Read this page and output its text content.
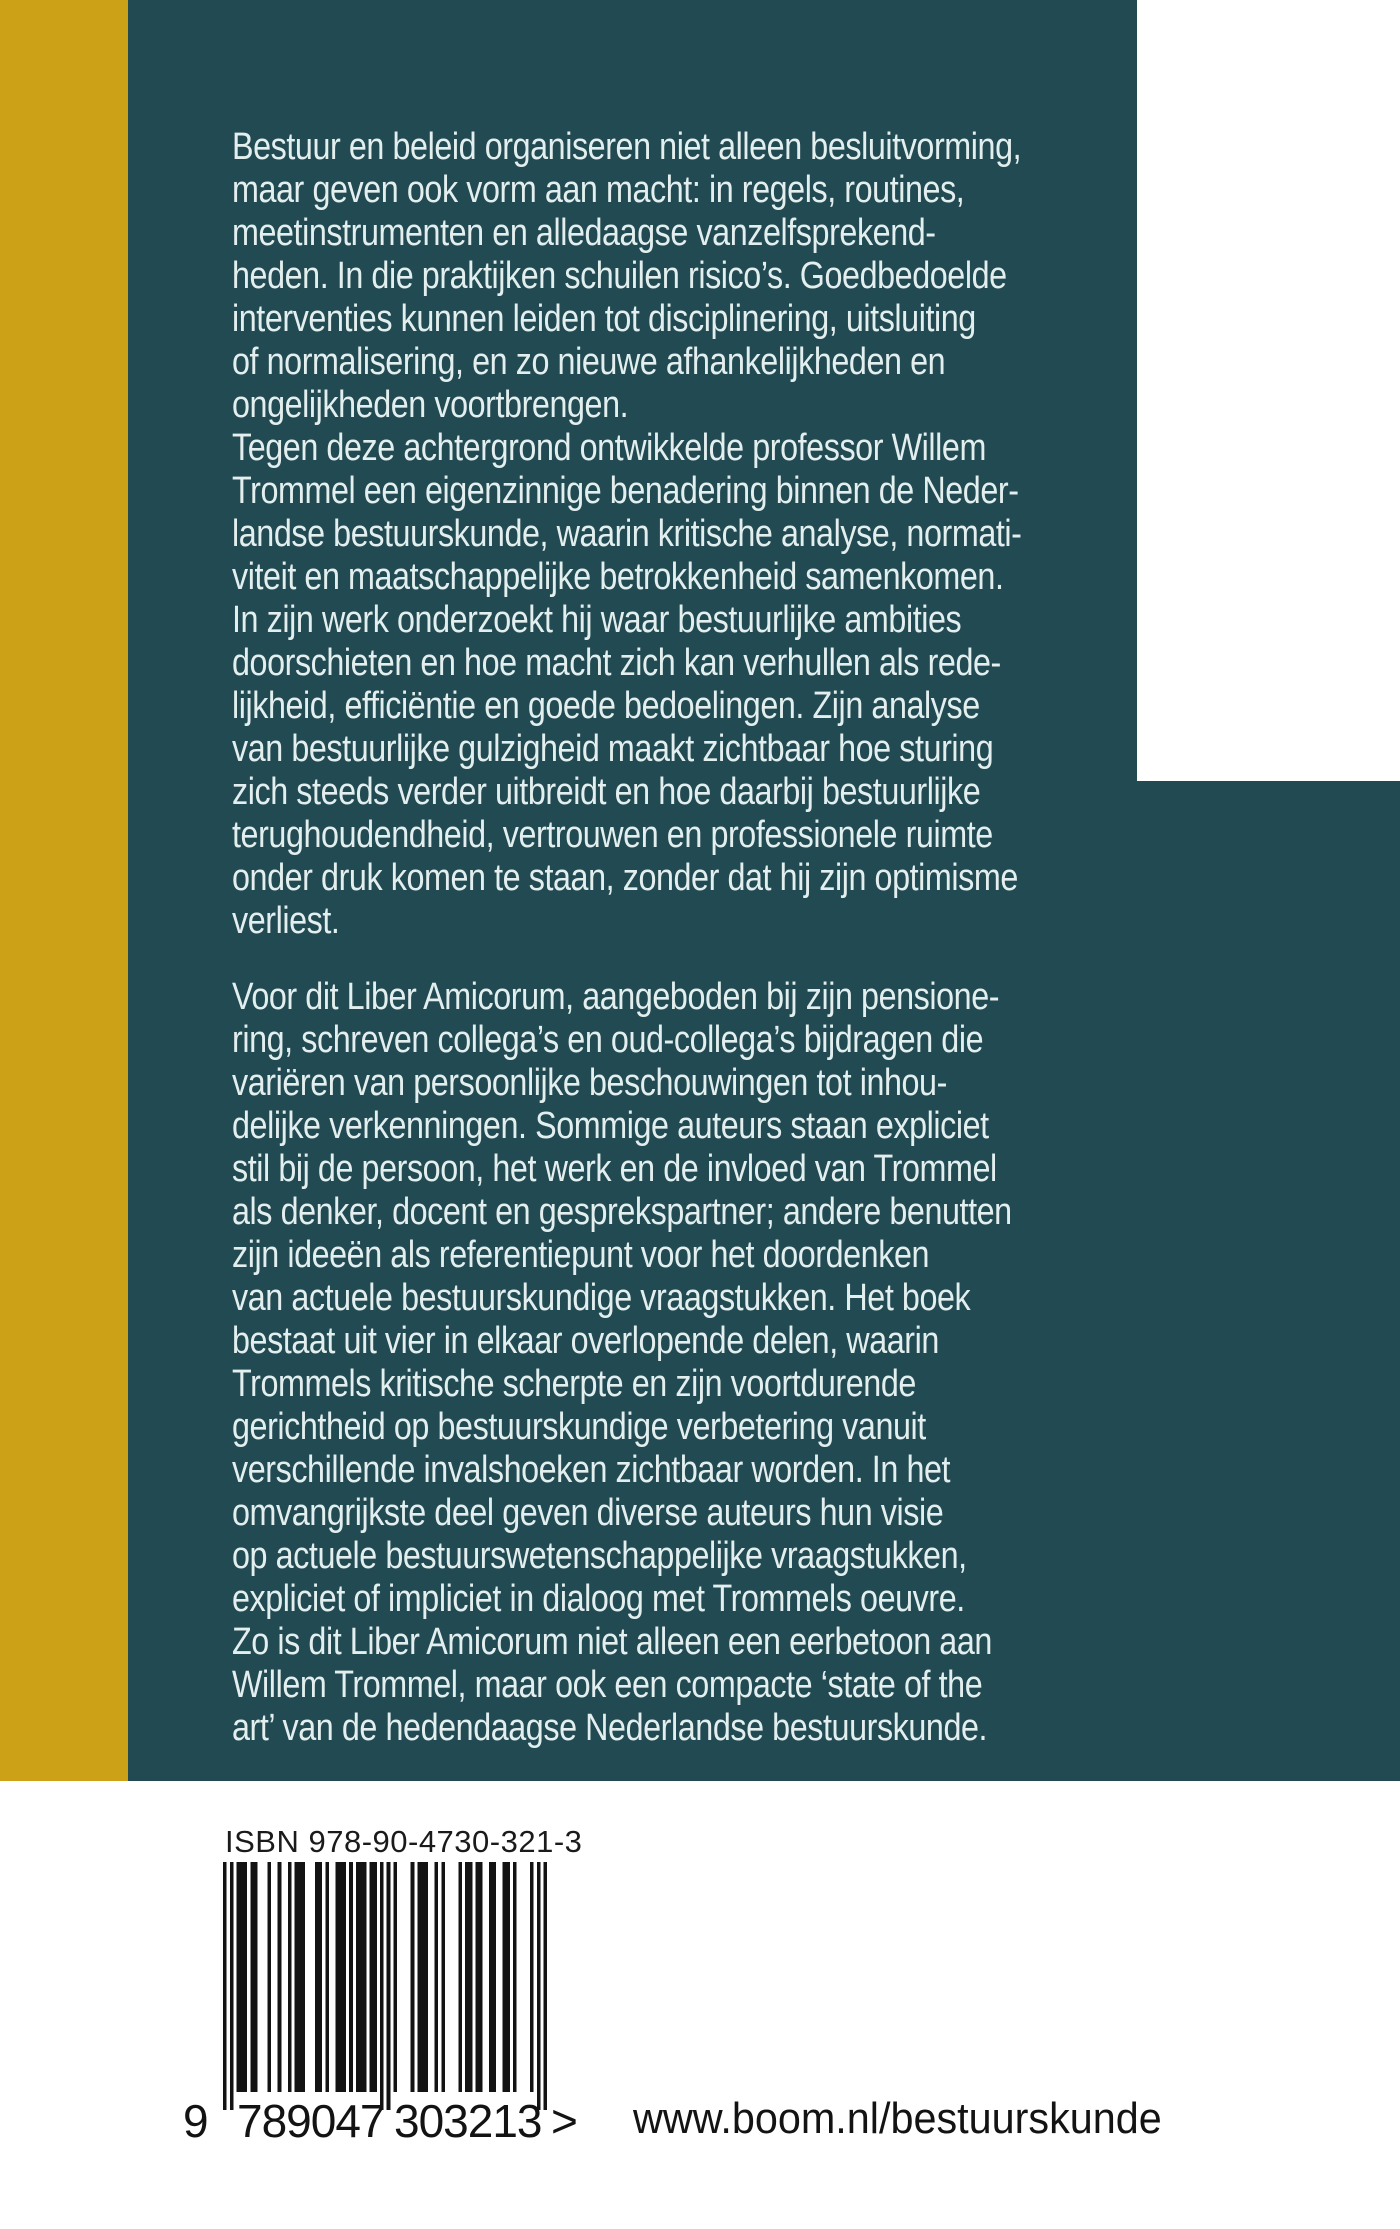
Bestuur en beleid organiseren niet alleen besluitvorming,
maar geven ook vorm aan macht: in regels, routines,
meetinstrumenten en alledaagse vanzelfsprekend-
heden. In die praktijken schuilen risico’s. Goedbedoelde
interventies kunnen leiden tot disciplinering, uitsluiting
of normalisering, en zo nieuwe afhankelijkheden en
ongelijkheden voortbrengen.
Tegen deze achtergrond ontwikkelde professor Willem
Trommel een eigenzinnige benadering binnen de Neder-
landse bestuurskunde, waarin kritische analyse, normati-
viteit en maatschappelijke betrokkenheid samenkomen.
In zijn werk onderzoekt hij waar bestuurlijke ambities
doorschieten en hoe macht zich kan verhullen als rede-
lijkheid, efficiëntie en goede bedoelingen. Zijn analyse
van bestuurlijke gulzigheid maakt zichtbaar hoe sturing
zich steeds verder uitbreidt en hoe daarbij bestuurlijke
terughoudendheid, vertrouwen en professionele ruimte
onder druk komen te staan, zonder dat hij zijn optimisme
verliest.
Voor dit Liber Amicorum, aangeboden bij zijn pensione-
ring, schreven collega’s en oud-collega’s bijdragen die
variëren van persoonlijke beschouwingen tot inhou-
delijke verkenningen. Sommige auteurs staan expliciet
stil bij de persoon, het werk en de invloed van Trommel
als denker, docent en gesprekspartner; andere benutten
zijn ideeën als referentiepunt voor het doordenken
van actuele bestuurskundige vraagstukken. Het boek
bestaat uit vier in elkaar overlopende delen, waarin
Trommels kritische scherpte en zijn voortdurende
gerichtheid op bestuurskundige verbetering vanuit
verschillende invalshoeken zichtbaar worden. In het
omvangrijkste deel geven diverse auteurs hun visie
op actuele bestuurswetenschappelijke vraagstukken,
expliciet of impliciet in dialoog met Trommels oeuvre.
Zo is dit Liber Amicorum niet alleen een eerbetoon aan
Willem Trommel, maar ook een compacte ‘state of the
art’ van de hedendaagse Nederlandse bestuurskunde.
ISBN 978-90-4730-321-3
9 789047 303213 > www.boom.nl/bestuurskunde
